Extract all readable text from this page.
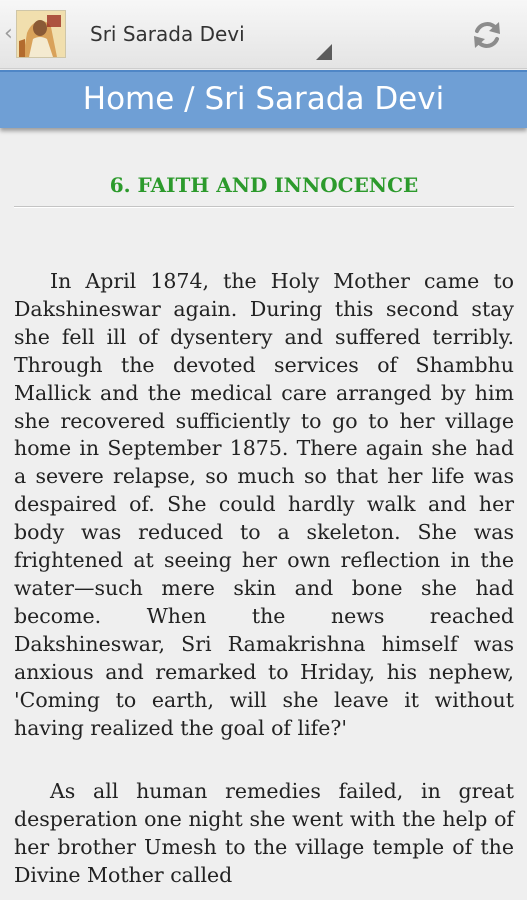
‹	Sri Sarada Devi
Home / Sri Sarada Devi
6. FAITH AND INNOCENCE

In April 1874, the Holy Mother came to Dakshineswar again. During this second stay she fell ill of dysentery and suffered terribly. Through the devoted services of Shambhu Mallick and the medical care arranged by him she recovered sufficiently to go to her village home in September 1875. There again she had a severe relapse, so much so that her life was despaired of. She could hardly walk and her body was reduced to a skeleton. She was frightened at seeing her own reflection in the water—such mere skin and bone she had become. When the news reached Dakshineswar, Sri Ramakrishna himself was anxious and remarked to Hriday, his nephew, 'Coming to earth, will she leave it without having realized the goal of life?'

As all human remedies failed, in great desperation one night she went with the help of her brother Umesh to the village temple of the Divine Mother called
